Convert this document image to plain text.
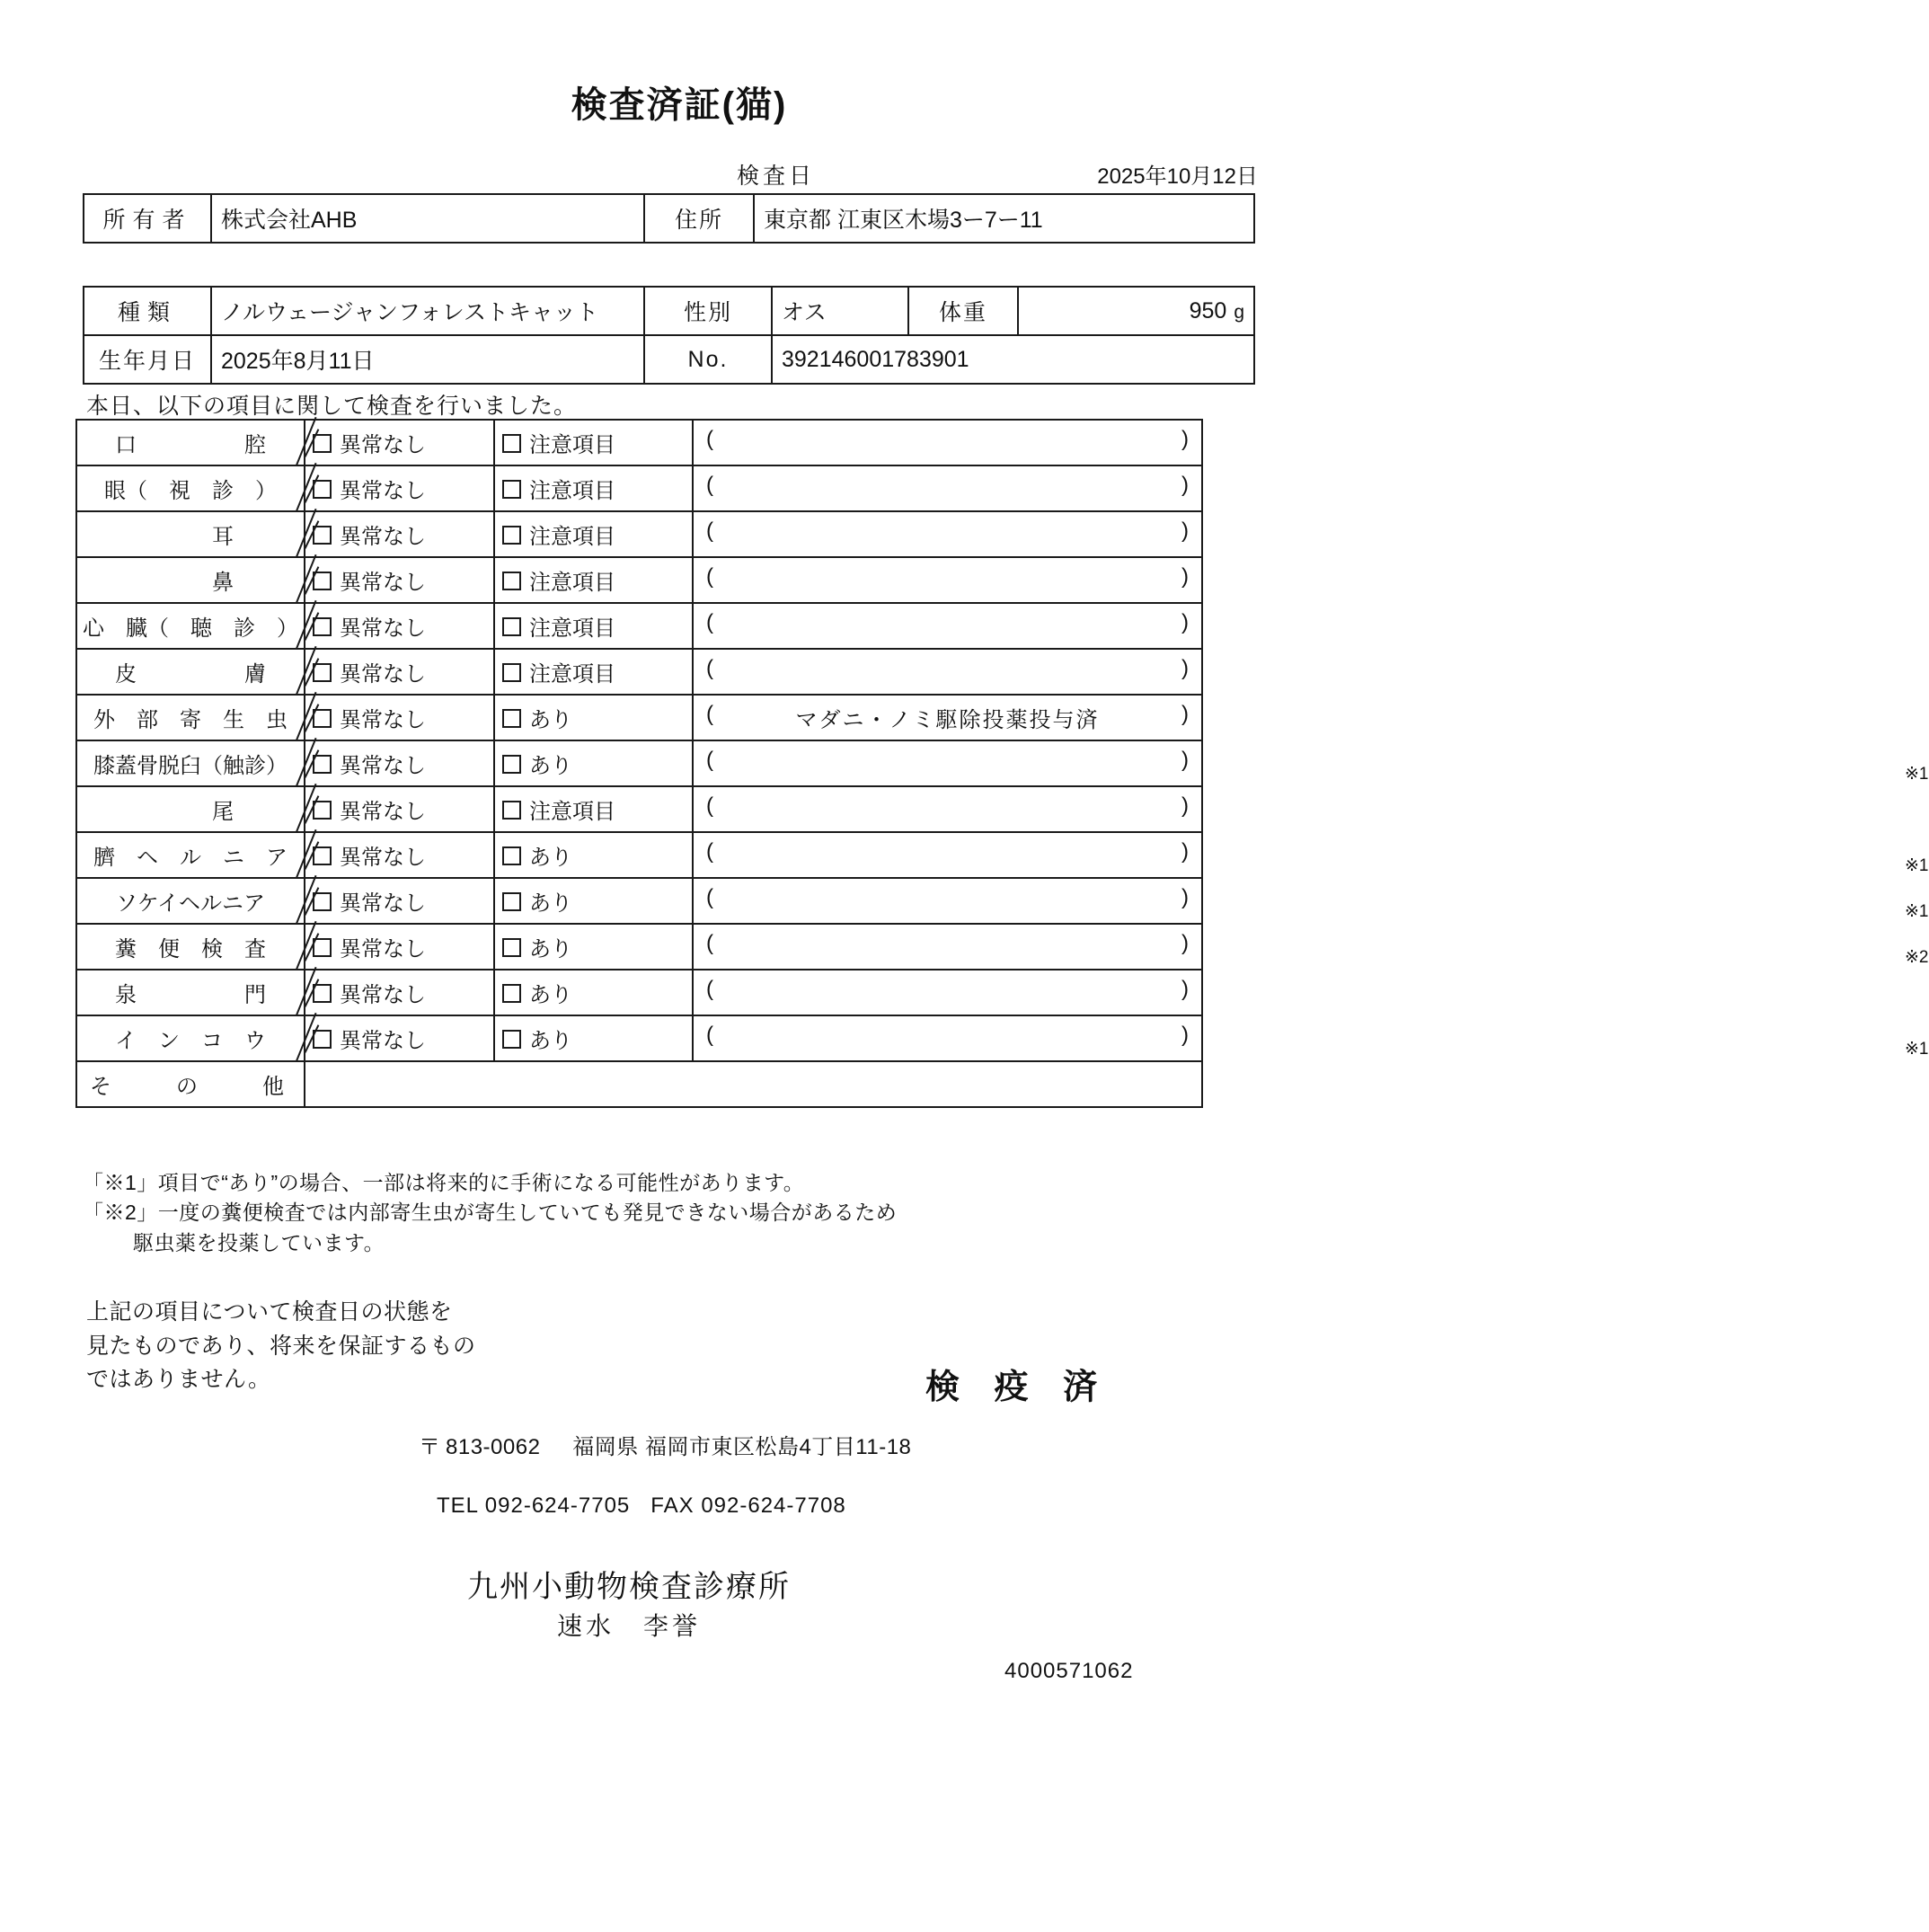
検査済証(猫)
検査日	2025年10月12日
所有者	株式会社AHB	住所	東京都 江東区木場3ー7ー11
種類	ノルウェージャンフォレストキャット	性別	オス	体重	950 g
生年月日	2025年8月11日	No.	392146001783901		
本日、以下の項目に関して検査を行いました。
口　　　　　腔	異常なし	注意項目	( )

眼（　視　診　）	異常なし	注意項目	( )

　　　耳	異常なし	注意項目	( )

　　　鼻	異常なし	注意項目	( )

心　臓（　聴　診　）	異常なし	注意項目	( )

皮　　　　　膚	異常なし	注意項目	( )

外　部　寄　生　虫	異常なし	あり	( マダニ・ノミ駆除投薬投与済 )

膝蓋骨脱臼（触診）	異常なし	あり	( )
※1

　　　尾	異常なし	注意項目	( )

臍　ヘ　ル　ニ　ア	異常なし	あり	( )
※1

ソケイヘルニア	異常なし	あり	( )
※1

糞　便　検　査	異常なし	あり	( )
※2

泉　　　　　門	異常なし	あり	( )

イ　ン　コ　ウ	異常なし	あり	( )
※1

そ　　の　　他			
「※1」項目で“あり”の場合、一部は将来的に手術になる可能性があります。
「※2」一度の糞便検査では内部寄生虫が寄生していても発見できない場合があるため

駆虫薬を投薬しています。
上記の項目について検査日の状態を
見たものであり、将来を保証するもの
ではありません。	検 疫 済
〒813-0062 福岡県 福岡市東区松島4丁目11-18
TEL 092-624-7705 FAX 092-624-7708
九州小動物検査診療所
速水　李誉
4000571062
